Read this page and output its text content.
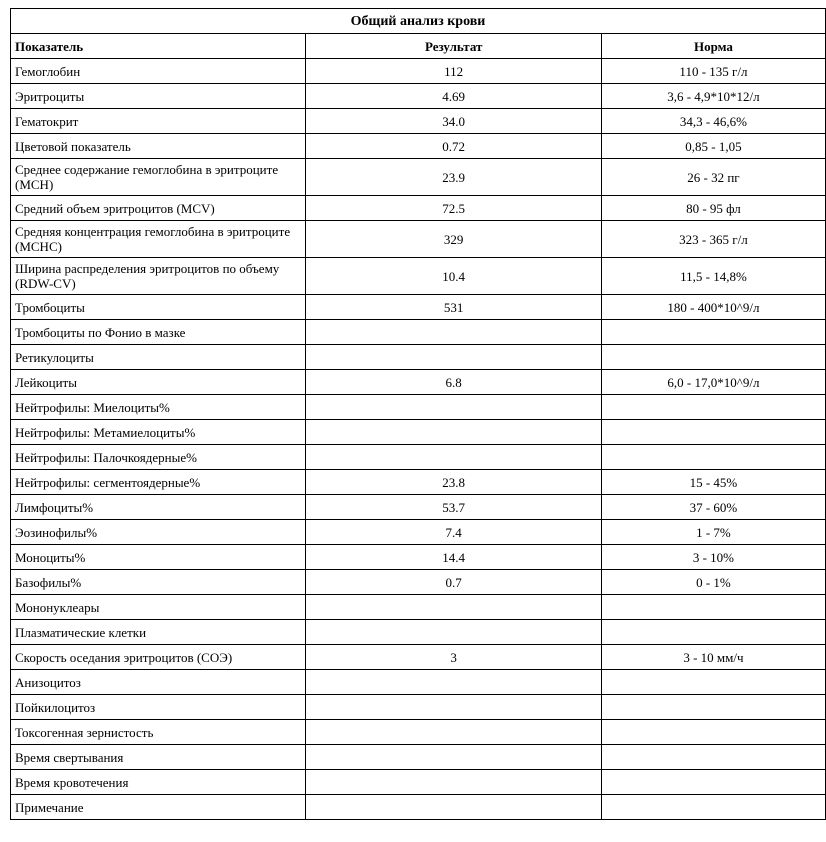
Общий анализ крови		
Показатель	Результат	Норма
Гемоглобин	112	110 - 135 г/л
Эритроциты	4.69	3,6 - 4,9*10*12/л
Гематокрит	34.0	34,3 - 46,6%
Цветовой показатель	0.72	0,85 - 1,05
Среднее содержание гемоглобина в эритроците (MCH)	23.9	26 - 32 пг
Средний объем эритроцитов (MCV)	72.5	80 - 95 фл
Средняя концентрация гемоглобина в эритроците (MCHC)	329	323 - 365 г/л
Ширина распределения эритроцитов по объему (RDW-CV)	10.4	11,5 - 14,8%
Тромбоциты	531	180 - 400*10^9/л
Тромбоциты по Фонио в мазке		
Ретикулоциты		
Лейкоциты	6.8	6,0 - 17,0*10^9/л
Нейтрофилы: Миелоциты%		
Нейтрофилы: Метамиелоциты%		
Нейтрофилы: Палочкоядерные%		
Нейтрофилы: сегментоядерные%	23.8	15 - 45%
Лимфоциты%	53.7	37 - 60%
Эозинофилы%	7.4	1 - 7%
Моноциты%	14.4	3 - 10%
Базофилы%	0.7	0 - 1%
Мононуклеары		
Плазматические клетки		
Скорость оседания эритроцитов (СОЭ)	3	3 - 10 мм/ч
Анизоцитоз		
Пойкилоцитоз		
Токсогенная зернистость		
Время свертывания		
Время кровотечения		
Примечание		
